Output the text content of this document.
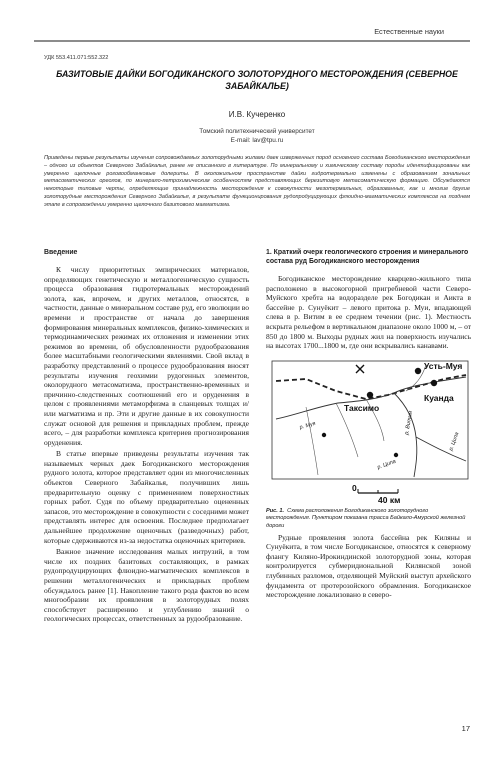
Естественные науки
УДК 553.411.071:552.322
БАЗИТОВЫЕ ДАЙКИ БОГОДИКАНСКОГО ЗОЛОТОРУДНОГО МЕСТОРОЖДЕНИЯ (СЕВЕРНОЕ ЗАБАЙКАЛЬЕ)
И.В. Кучеренко
Томский политехнический университет
E-mail: lav@tpu.ru
Приведены первые результаты изучения сопровождаемых золоторудными жилами даек изверженных пород основного состава Богодиканского месторождения – одного из объектов Северного Забайкалья, ранее не описанного в литературе. По минеральному и химическому составу породы идентифицированы как умеренно щелочные роговообманковые долериты. В околожильном пространстве дайки гидротермально изменены с образованием зональных метасоматических ореолов, по минерало-петрохимическим особенностям представляющих березитовую метасоматическую формацию. Обсуждаются некоторые типовые черты, определяющие принадлежность месторождения к совокупности мезотермальных, образованных, как и многие другие золоторудные месторождения Северного Забайкалья, в результате функционирования рудопродуцирующих флюидно-магматических комплексов на позднем этапе в сопровождении умеренно щелочного базитового магматизма.
Введение

К числу приоритетных эмпирических материалов, определяющих генетическую и металлогеническую сущность процесса образования гидротермальных месторождений золота, как, впрочем, и других металлов, относятся, в частности, данные о минеральном составе руд, его эволюции во времени и пространстве от начала до завершения формирования минеральных комплексов, физико-химических и термодинамических режимах их отложения и изменении этих режимов во времени, об обусловленности рудообразования более масштабными геологическими явлениями. Свой вклад в разработку представлений о процессе рудообразования вносят результаты изучения геохимии рудогенных элементов, околорудного метасоматизма, пространственно-временных и причинно-следственных соотношений его и оруденения в целом с проявлениями метаморфизма в сланцевых толщах и/или магматизма и пр. Эти и другие данные в их совокупности служат основой для решения и прикладных проблем, прежде всего, – для разработки комплекса критериев прогнозирования оруденения.

В статье впервые приведены результаты изучения так называемых черных даек Богодиканского месторождения рудного золота, которое представляет один из многочисленных объектов Северного Забайкалья, получивших лишь предварительную оценку с применением поверхностных горных работ. Судя по объему предварительно оцененных запасов, это месторождение в совокупности с соседними может представлять интерес для освоения. Последнее предполагает дальнейшее продолжение оценочных (разведочных) работ, которые сдерживаются из-за недостатка оценочных критериев.

Важное значение исследования малых интрузий, в том числе их поздних базитовых составляющих, в рамках рудопродуцирующих флюидно-магматических комплексов в решении металлогенических и прикладных проблем обсуждалось ранее [1]. Накопление такого рода фактов во всем многообразии их проявления в золоторудных полях способствует расширению и углублению знаний о геологических процессах, ответственных за рудообразование.

1. Краткий очерк геологического строения и минерального состава руд Богодиканского месторождения

Богодиканское месторождение кварцево-жильного типа расположено в высокогорной пригребневой части Северо-Муйского хребта на водоразделе рек Богодикан и Аикта в бассейне р. Сунуёкит – левого притока р. Муи, впадающей слева в р. Витим в ее среднем течении (рис. 1). Местность вскрыта рельефом в вертикальном диапазоне около 1000 м, – от 850 до 1800 м. Выходы рудных жил на поверхность изучались на высотах 1700...1800 м, где они вскрывались канавами.

Усть-Муя
Таксимо
Куанда
р. Муя	р. Витим
р. Ципа
р. Ципа
0
40 км

Рис. 1. Схема расположения Богодиканского золоторудного месторождения. Пунктиром показана трасса Байкало-Амурской железной дороги

Рудные проявления золота бассейна рек Киляны и Сунуёкита, в том числе Богодиканское, относятся к северному флангу Килянo-Ирокиндинской золоторудной зоны, которая контролируется субмеридиональной Килянской зоной глубинных разломов, отделяющей Муйский выступ архейского фундамента от протерозойского обрамления. Богодиканское месторождение локализовано в северо-

17
